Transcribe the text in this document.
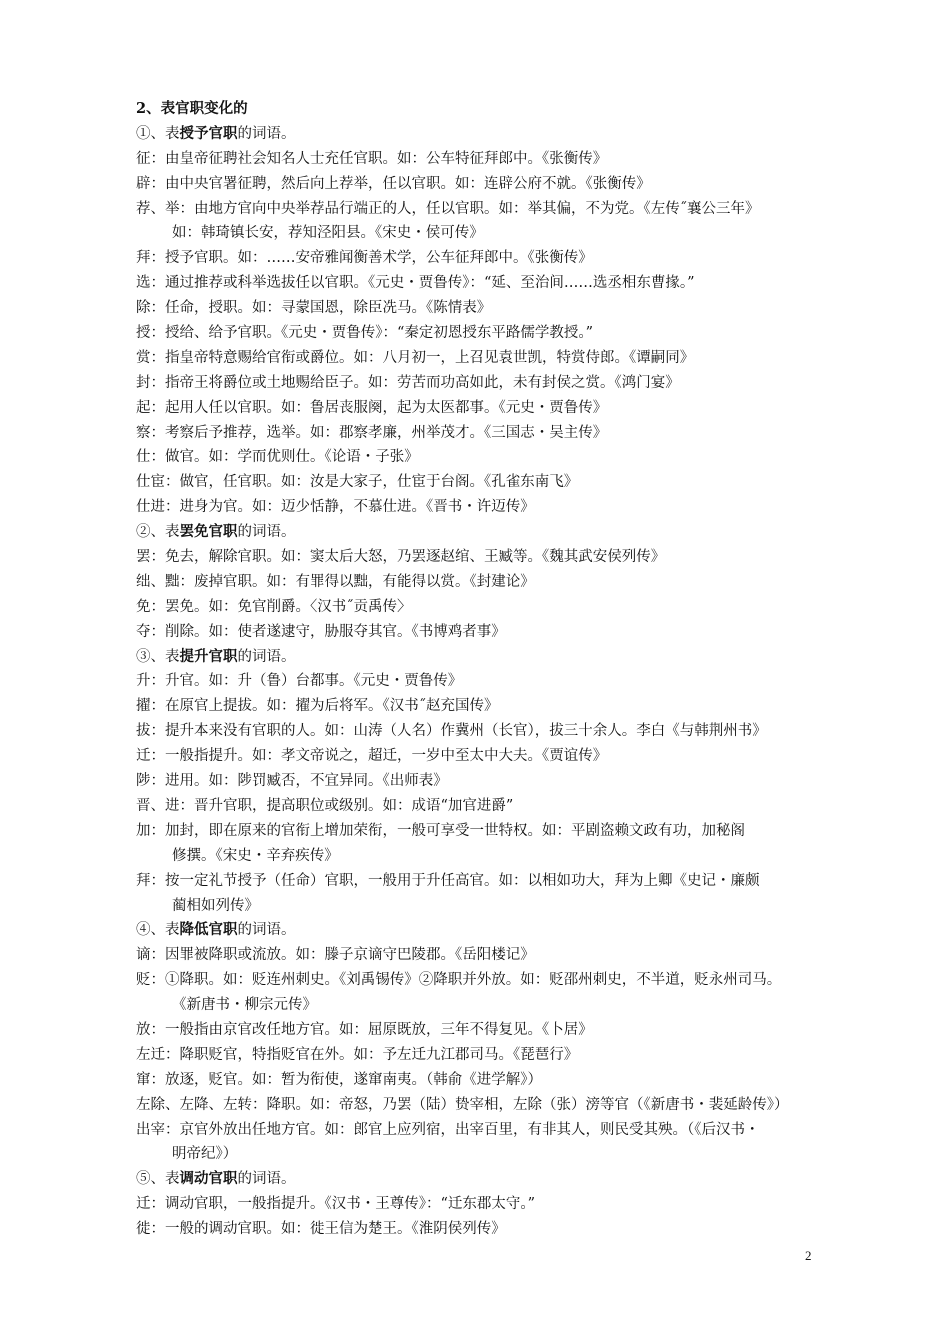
2、表官职变化的
①、表授予官职的词语。
征：由皇帝征聘社会知名人士充任官职。如：公车特征拜郎中。《张衡传》
辟：由中央官署征聘，然后向上荐举，任以官职。如：连辟公府不就。《张衡传》
荐、举：由地方官向中央举荐品行端正的人，任以官职。如：举其偏，不为党。《左传˝襄公三年》
如：韩琦镇长安，荐知泾阳县。《宋史・侯可传》
拜：授予官职。如：……安帝雅闻衡善术学，公车征拜郎中。《张衡传》
选：通过推荐或科举选拔任以官职。《元史・贾鲁传》：“延、至治间……选丞相东曹掾。”
除：任命，授职。如：寻蒙国恩，除臣冼马。《陈情表》
授：授给、给予官职。《元史・贾鲁传》：“秦定初恩授东平路儒学教授。”
赏：指皇帝特意赐给官衔或爵位。如：八月初一，上召见袁世凯，特赏侍郎。《谭嗣同》
封：指帝王将爵位或土地赐给臣子。如：劳苦而功高如此，未有封侯之赏。《鸿门宴》
起：起用人任以官职。如：鲁居丧服阕，起为太医都事。《元史・贾鲁传》
察：考察后予推荐，选举。如：郡察孝廉，州举茂才。《三国志・吴主传》
仕：做官。如：学而优则仕。《论语・子张》
仕宦：做官，任官职。如：汝是大家子，仕宦于台阁。《孔雀东南飞》
仕进：进身为官。如：迈少恬静，不慕仕进。《晋书・许迈传》
②、表罢免官职的词语。
罢：免去，解除官职。如：窦太后大怒，乃罢逐赵绾、王臧等。《魏其武安侯列传》
绌、黜：废掉官职。如：有罪得以黜，有能得以赏。《封建论》
免：罢免。如：免官削爵。〈汉书˝贡禹传〉
夺：削除。如：使者遂逮守，胁服夺其官。《书博鸡者事》
③、表提升官职的词语。
升：升官。如：升（鲁）台都事。《元史・贾鲁传》
擢：在原官上提拔。如：擢为后将军。《汉书˝赵充国传》
拔：提升本来没有官职的人。如：山涛（人名）作冀州（长官），拔三十余人。李白《与韩荆州书》
迁：一般指提升。如：孝文帝说之，超迁，一岁中至太中大夫。《贾谊传》
陟：进用。如：陟罚臧否，不宜异同。《出师表》
晋、进：晋升官职，提高职位或级别。如：成语“加官进爵”
加：加封，即在原来的官衔上增加荣衔，一般可享受一世特权。如：平剧盗赖文政有功，加秘阁
修撰。《宋史・辛弃疾传》
拜：按一定礼节授予（任命）官职，一般用于升任高官。如：以相如功大，拜为上卿《史记・廉颇
蔺相如列传》
④、表降低官职的词语。
谪：因罪被降职或流放。如：滕子京谪守巴陵郡。《岳阳楼记》
贬：①降职。如：贬连州刺史。《刘禹锡传》②降职并外放。如：贬邵州刺史，不半道，贬永州司马。
《新唐书・柳宗元传》
放：一般指由京官改任地方官。如：屈原既放，三年不得复见。《卜居》
左迁：降职贬官，特指贬官在外。如：予左迁九江郡司马。《琵琶行》
窜：放逐，贬官。如：暂为衔使，遂窜南夷。（韩俞《进学解》）
左除、左降、左转：降职。如：帝怒，乃罢（陆）贽宰相，左除（张）滂等官（《新唐书・裴延龄传》）
出宰：京官外放出任地方官。如：郎官上应列宿，出宰百里，有非其人，则民受其殃。（《后汉书・
明帝纪》）
⑤、表调动官职的词语。
迁：调动官职，一般指提升。《汉书・王尊传》：“迁东郡太守。”
徙：一般的调动官职。如：徙王信为楚王。《淮阴侯列传》
2
